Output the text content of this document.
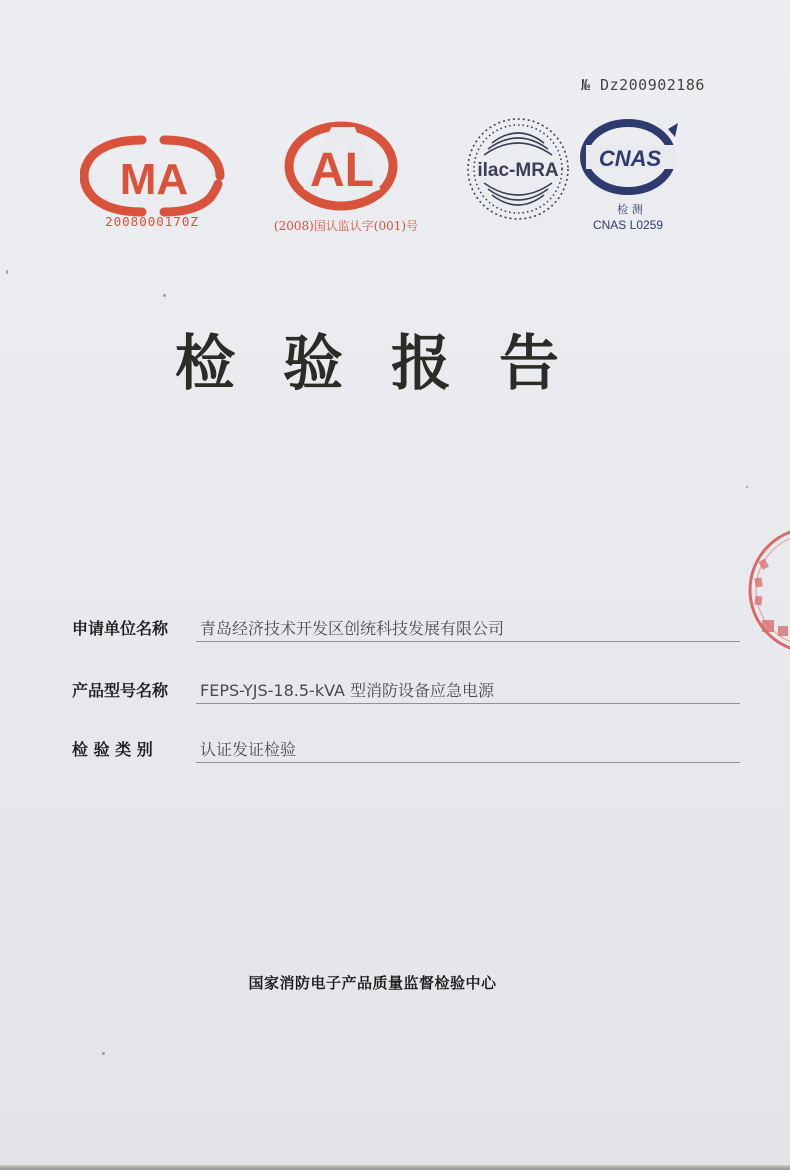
№ Dz200902186
MA
2008000170Z
AL
(2008)国认监认字(001)号
ilac-MRA CNAS
检 测
CNAS L0259
检验报告
申请单位名称	青岛经济技术开发区创统科技发展有限公司
产品型号名称	FEPS-YJS-18.5-kVA 型消防设备应急电源
检 验 类 别	认证发证检验
国家消防电子产品质量监督检验中心
